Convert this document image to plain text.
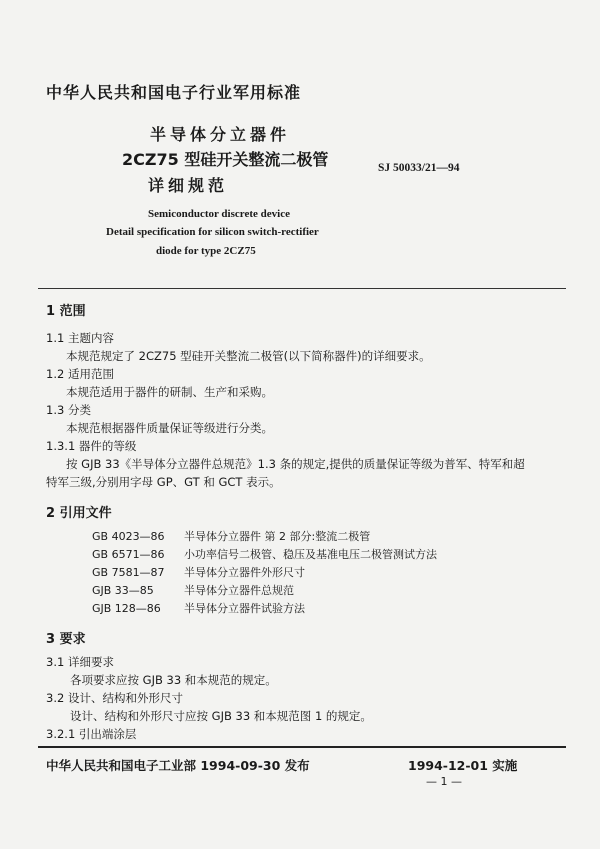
中华人民共和国电子行业军用标准
半导体分立器件
2CZ75 型硅开关整流二极管
详细规范
SJ 50033/21—94
Semiconductor discrete device
Detail specification for silicon switch-rectifier
diode for type 2CZ75
1 范围
1.1 主题内容
本规范规定了 2CZ75 型硅开关整流二极管(以下简称器件)的详细要求。
1.2 适用范围
本规范适用于器件的研制、生产和采购。
1.3 分类
本规范根据器件质量保证等级进行分类。
1.3.1 器件的等级
按 GJB 33《半导体分立器件总规范》1.3 条的规定,提供的质量保证等级为普军、特军和超
特军三级,分别用字母 GP、GT 和 GCT 表示。
2 引用文件
GB 4023—86 半导体分立器件 第 2 部分:整流二极管
GB 6571—86 小功率信号二极管、稳压及基准电压二极管测试方法
GB 7581—87 半导体分立器件外形尺寸
GJB 33—85	半导体分立器件总规范
GJB 128—86 半导体分立器件试验方法
3 要求
3.1 详细要求
各项要求应按 GJB 33 和本规范的规定。
3.2 设计、结构和外形尺寸
设计、结构和外形尺寸应按 GJB 33 和本规范图 1 的规定。
3.2.1 引出端涂层
中华人民共和国电子工业部 1994-09-30 发布	1994-12-01 实施
— 1 —
